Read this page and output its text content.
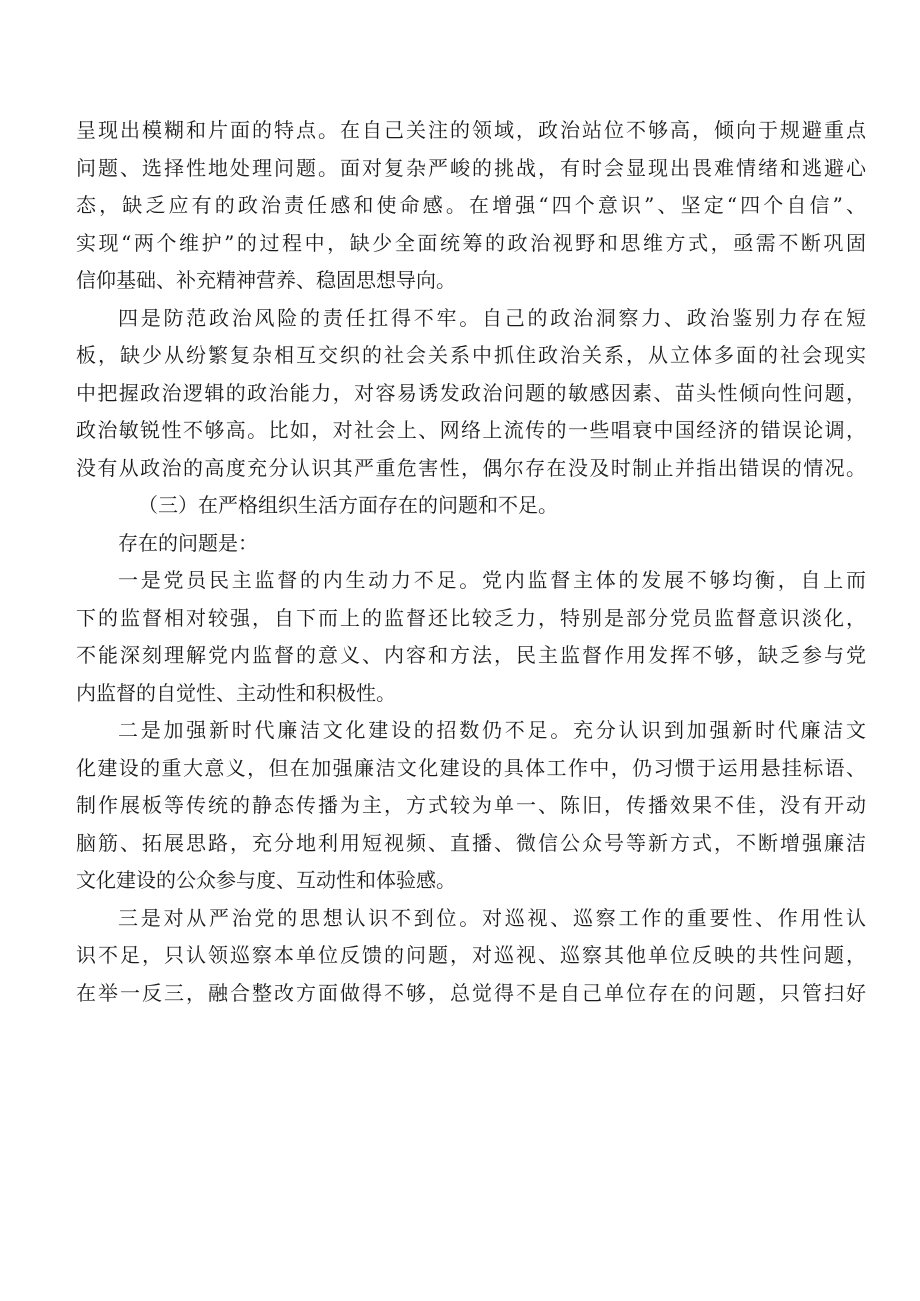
呈现出模糊和片面的特点。在自己关注的领域，政治站位不够高，倾向于规避重点
问题、选择性地处理问题。面对复杂严峻的挑战，有时会显现出畏难情绪和逃避心
态，缺乏应有的政治责任感和使命感。在增强“四个意识”、坚定“四个自信”、
实现“两个维护”的过程中，缺少全面统筹的政治视野和思维方式，亟需不断巩固
信仰基础、补充精神营养、稳固思想导向。
四是防范政治风险的责任扛得不牢。自己的政治洞察力、政治鉴别力存在短
板，缺少从纷繁复杂相互交织的社会关系中抓住政治关系，从立体多面的社会现实
中把握政治逻辑的政治能力，对容易诱发政治问题的敏感因素、苗头性倾向性问题，
政治敏锐性不够高。比如，对社会上、网络上流传的一些唱衰中国经济的错误论调，
没有从政治的高度充分认识其严重危害性，偶尔存在没及时制止并指出错误的情况。
（三）在严格组织生活方面存在的问题和不足。
存在的问题是：
一是党员民主监督的内生动力不足。党内监督主体的发展不够均衡，自上而
下的监督相对较强，自下而上的监督还比较乏力，特别是部分党员监督意识淡化，
不能深刻理解党内监督的意义、内容和方法，民主监督作用发挥不够，缺乏参与党
内监督的自觉性、主动性和积极性。
二是加强新时代廉洁文化建设的招数仍不足。充分认识到加强新时代廉洁文
化建设的重大意义，但在加强廉洁文化建设的具体工作中，仍习惯于运用悬挂标语、
制作展板等传统的静态传播为主，方式较为单一、陈旧，传播效果不佳，没有开动
脑筋、拓展思路，充分地利用短视频、直播、微信公众号等新方式，不断增强廉洁
文化建设的公众参与度、互动性和体验感。
三是对从严治党的思想认识不到位。对巡视、巡察工作的重要性、作用性认
识不足，只认领巡察本单位反馈的问题，对巡视、巡察其他单位反映的共性问题，
在举一反三，融合整改方面做得不够，总觉得不是自己单位存在的问题，只管扫好
